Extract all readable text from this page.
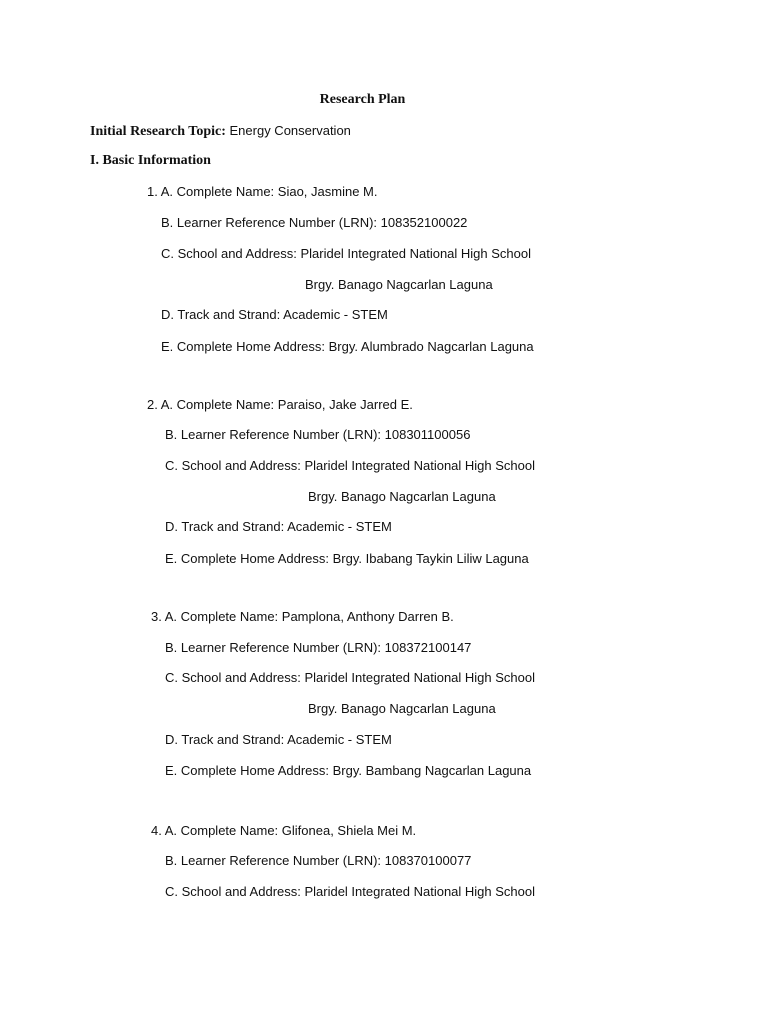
Research Plan
Initial Research Topic: Energy Conservation
I. Basic Information
1. A. Complete Name: Siao, Jasmine M.
B. Learner Reference Number (LRN): 108352100022
C. School and Address: Plaridel Integrated National High School
Brgy. Banago Nagcarlan Laguna
D. Track and Strand: Academic - STEM
E. Complete Home Address: Brgy. Alumbrado Nagcarlan Laguna
2. A. Complete Name: Paraiso, Jake Jarred E.
B. Learner Reference Number (LRN): 108301100056
C. School and Address: Plaridel Integrated National High School
Brgy. Banago Nagcarlan Laguna
D. Track and Strand: Academic - STEM
E. Complete Home Address: Brgy. Ibabang Taykin Liliw Laguna
3. A. Complete Name: Pamplona, Anthony Darren B.
B. Learner Reference Number (LRN): 108372100147
C. School and Address: Plaridel Integrated National High School
Brgy. Banago Nagcarlan Laguna
D. Track and Strand: Academic - STEM
E. Complete Home Address: Brgy. Bambang Nagcarlan Laguna
4. A. Complete Name: Glifonea, Shiela Mei M.
B. Learner Reference Number (LRN): 108370100077
C. School and Address: Plaridel Integrated National High School
